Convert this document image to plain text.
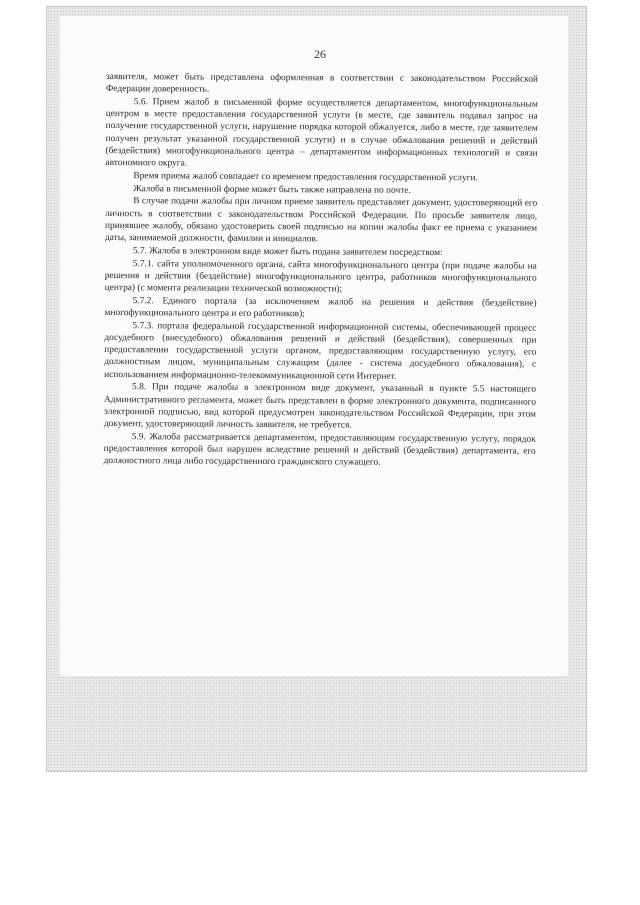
26

заявителя, может быть представлена оформленная в соответствии с законодательством Российской Федерации доверенность.

5.6. Прием жалоб в письменной форме осуществляется департаментом, многофункциональным центром в месте предоставления государственной услуги (в месте, где заявитель подавал запрос на получение государственной услуги, нарушение порядка которой обжалуется, либо в месте, где заявителем получен результат указанной государственной услуги) и в случае обжалования решений и действий (бездействия) многофункционального центра – департаментом информационных технологий и связи автономного округа.

Время приема жалоб совпадает со временем предоставления государственной услуги.

Жалоба в письменной форме может быть также направлена по почте.

В случае подачи жалобы при личном приеме заявитель представляет документ, удостоверяющий его личность в соответствии с законодательством Российской Федерации. По просьбе заявителя лицо, принявшее жалобу, обязано удостоверить своей подписью на копии жалобы факт ее приема с указанием даты, занимаемой должности, фамилии и инициалов.

5.7. Жалоба в электронном виде может быть подана заявителем посредством:

5.7.1. сайта уполномоченного органа, сайта многофункционального центра (при подаче жалобы на решения и действия (бездействие) многофункционального центра, работников многофункционального центра) (с момента реализации технической возможности);

5.7.2. Единого портала (за исключением жалоб на решения и действия (бездействие) многофункционального центра и его работников);

5.7.3. портала федеральной государственной информационной системы, обеспечивающей процесс досудебного (внесудебного) обжалования решений и действий (бездействия), совершенных при предоставлении государственной услуги органом, предоставляющим государственную услугу, его должностным лицом, муниципальным служащим (далее - система досудебного обжалования), с использованием информационно-телекоммуникационной сети Интернет.

5.8. При подаче жалобы в электронном виде документ, указанный в пункте 5.5 настоящего Административного регламента, может быть представлен в форме электронного документа, подписанного электронной подписью, вид которой предусмотрен законодательством Российской Федерации, при этом документ, удостоверяющий личность заявителя, не требуется.

5.9. Жалоба рассматривается департаментом, предоставляющим государственную услугу, порядок предоставления которой был нарушен вследствие решений и действий (бездействия) департамента, его должностного лица либо государственного гражданского служащего.
